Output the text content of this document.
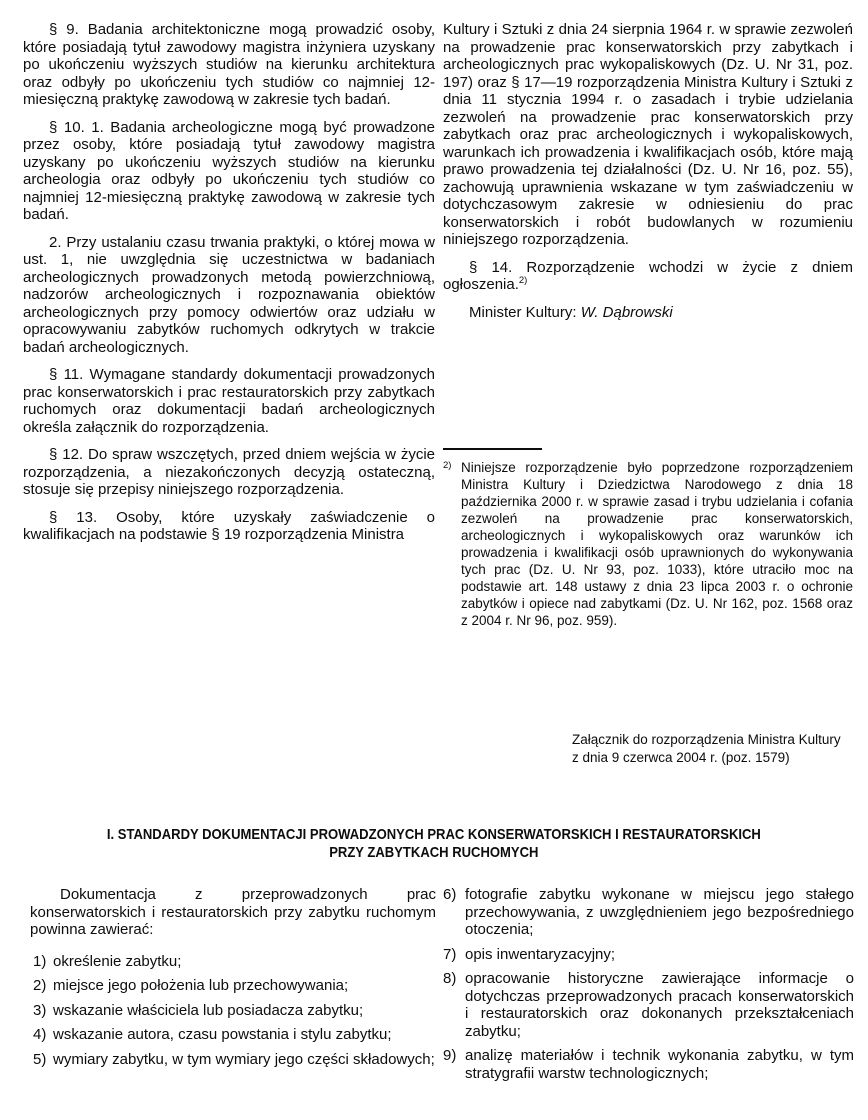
§ 9. Badania architektoniczne mogą prowadzić osoby, które posiadają tytuł zawodowy magistra inżyniera uzyskany po ukończeniu wyższych studiów na kierunku architektura oraz odbyły po ukończeniu tych studiów co najmniej 12-miesięczną praktykę zawodową w zakresie tych badań.

§ 10. 1. Badania archeologiczne mogą być prowadzone przez osoby, które posiadają tytuł zawodowy magistra uzyskany po ukończeniu wyższych studiów na kierunku archeologia oraz odbyły po ukończeniu tych studiów co najmniej 12-miesięczną praktykę zawodową w zakresie tych badań.

2. Przy ustalaniu czasu trwania praktyki, o której mowa w ust. 1, nie uwzględnia się uczestnictwa w badaniach archeologicznych prowadzonych metodą powierzchniową, nadzorów archeologicznych i rozpoznawania obiektów archeologicznych przy pomocy odwiertów oraz udziału w opracowywaniu zabytków ruchomych odkrytych w trakcie badań archeologicznych.

§ 11. Wymagane standardy dokumentacji prowadzonych prac konserwatorskich i prac restauratorskich przy zabytkach ruchomych oraz dokumentacji badań archeologicznych określa załącznik do rozporządzenia.

§ 12. Do spraw wszczętych, przed dniem wejścia w życie rozporządzenia, a niezakończonych decyzją ostateczną, stosuje się przepisy niniejszego rozporządzenia.

§ 13. Osoby, które uzyskały zaświadczenie o kwalifikacjach na podstawie § 19 rozporządzenia Ministra

Kultury i Sztuki z dnia 24 sierpnia 1964 r. w sprawie zezwoleń na prowadzenie prac konserwatorskich przy zabytkach i archeologicznych prac wykopaliskowych (Dz. U. Nr 31, poz. 197) oraz § 17—19 rozporządzenia Ministra Kultury i Sztuki z dnia 11 stycznia 1994 r. o zasadach i trybie udzielania zezwoleń na prowadzenie prac konserwatorskich przy zabytkach oraz prac archeologicznych i wykopaliskowych, warunkach ich prowadzenia i kwalifikacjach osób, które mają prawo prowadzenia tej działalności (Dz. U. Nr 16, poz. 55), zachowują uprawnienia wskazane w tym zaświadczeniu w dotychczasowym zakresie w odniesieniu do prac konserwatorskich i robót budowlanych w rozumieniu niniejszego rozporządzenia.

§ 14. Rozporządzenie wchodzi w życie z dniem ogłoszenia.$^{2)}$

Minister Kultury: W. Dąbrowski

2) Niniejsze rozporządzenie było poprzedzone rozporządzeniem Ministra Kultury i Dziedzictwa Narodowego z dnia 18 października 2000 r. w sprawie zasad i trybu udzielania i cofania zezwoleń na prowadzenie prac konserwatorskich, archeologicznych i wykopaliskowych oraz warunków ich prowadzenia i kwalifikacji osób uprawnionych do wykonywania tych prac (Dz. U. Nr 93, poz. 1033), które utraciło moc na podstawie art. 148 ustawy z dnia 23 lipca 2003 r. o ochronie zabytków i opiece nad zabytkami (Dz. U. Nr 162, poz. 1568 oraz z 2004 r. Nr 96, poz. 959).
Załącznik do rozporządzenia Ministra Kultury
z dnia 9 czerwca 2004 r. (poz. 1579)
I. STANDARDY DOKUMENTACJI PROWADZONYCH PRAC KONSERWATORSKICH I RESTAURATORSKICH
PRZY ZABYTKACH RUCHOMYCH

Dokumentacja z przeprowadzonych prac konserwatorskich i restauratorskich przy zabytku ruchomym powinna zawierać:

1) określenie zabytku;
2) miejsce jego położenia lub przechowywania;
3) wskazanie właściciela lub posiadacza zabytku;
4) wskazanie autora, czasu powstania i stylu zabytku;
5) wymiary zabytku, w tym wymiary jego części składowych;
6) fotografie zabytku wykonane w miejscu jego stałego przechowywania, z uwzględnieniem jego bezpośredniego otoczenia;
7) opis inwentaryzacyjny;
8) opracowanie historyczne zawierające informacje o dotychczas przeprowadzonych pracach konserwatorskich i restauratorskich oraz dokonanych przekształceniach zabytku;
9) analizę materiałów i technik wykonania zabytku, w tym stratygrafii warstw technologicznych;
